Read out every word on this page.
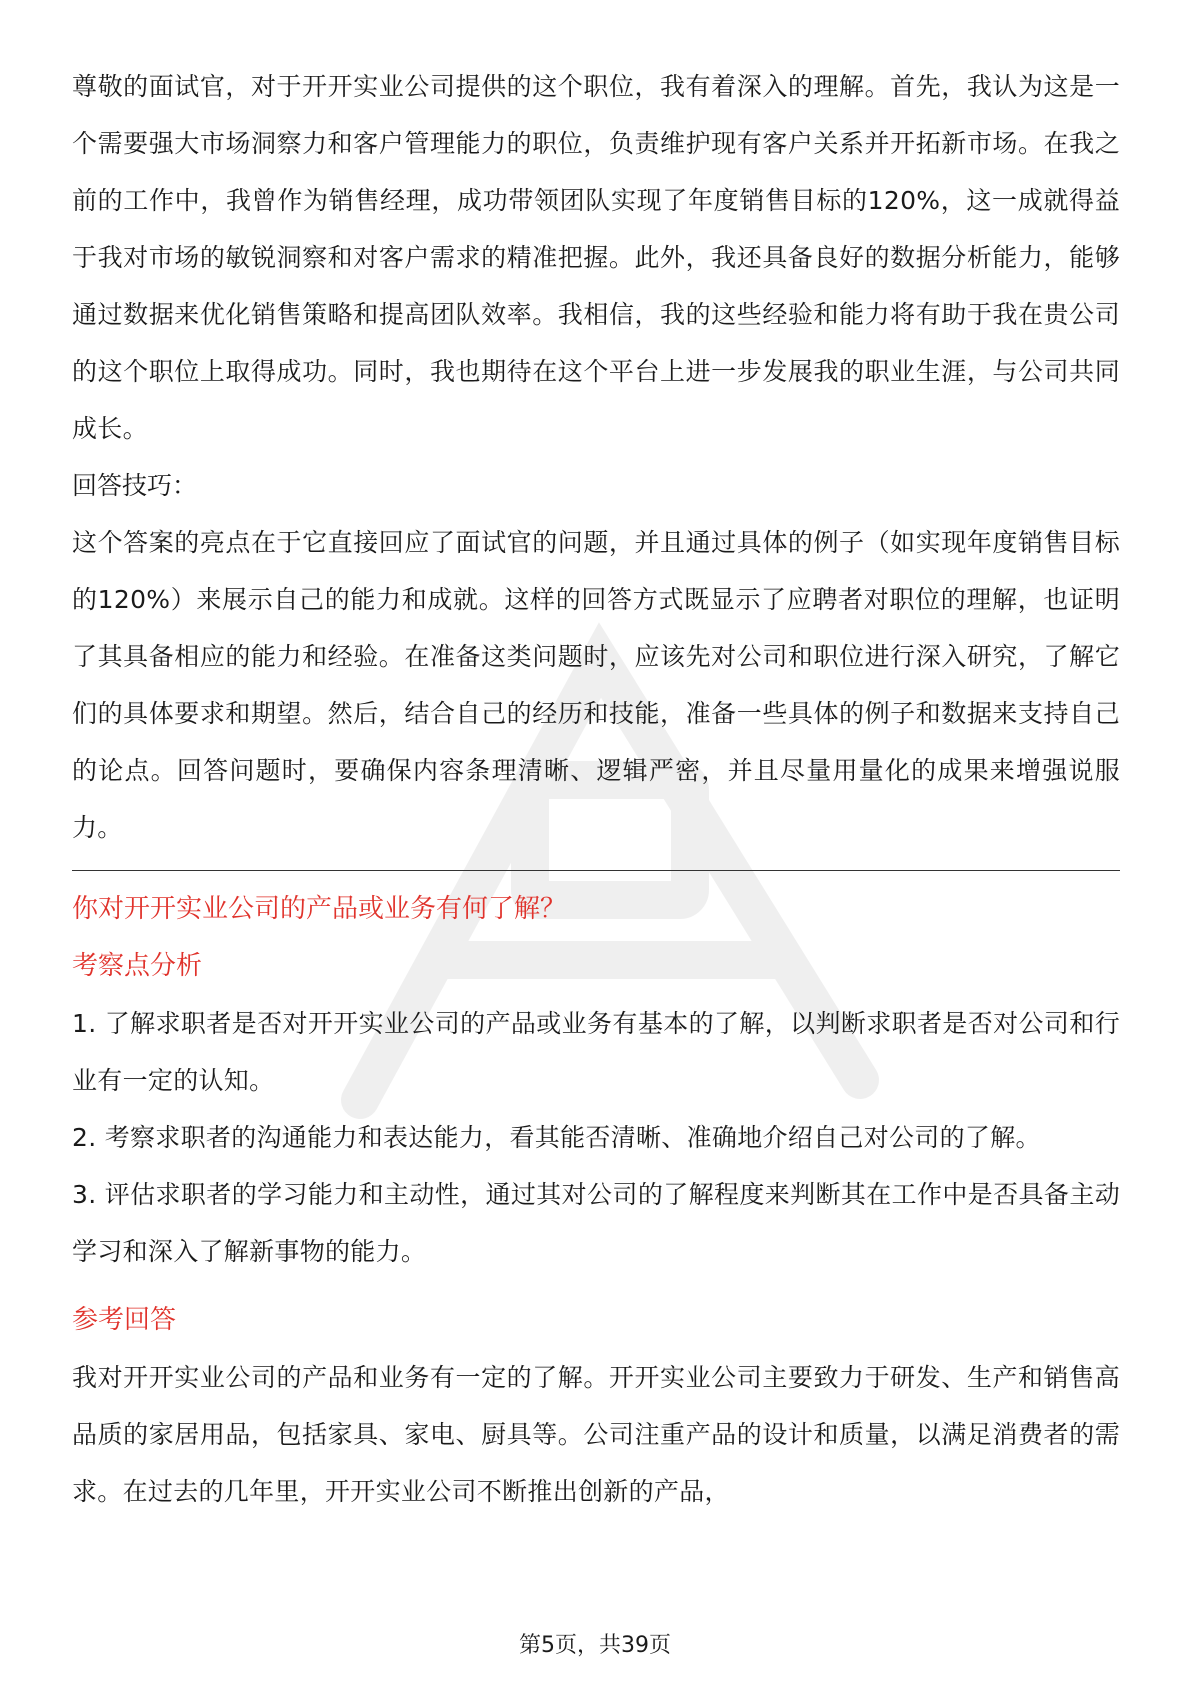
尊敬的面试官，对于开开实业公司提供的这个职位，我有着深入的理解。首先，我认为这是一个需要强大市场洞察力和客户管理能力的职位，负责维护现有客户关系并开拓新市场。在我之前的工作中，我曾作为销售经理，成功带领团队实现了年度销售目标的120%，这一成就得益于我对市场的敏锐洞察和对客户需求的精准把握。此外，我还具备良好的数据分析能力，能够通过数据来优化销售策略和提高团队效率。我相信，我的这些经验和能力将有助于我在贵公司的这个职位上取得成功。同时，我也期待在这个平台上进一步发展我的职业生涯，与公司共同成长。

回答技巧：

这个答案的亮点在于它直接回应了面试官的问题，并且通过具体的例子（如实现年度销售目标的120%）来展示自己的能力和成就。这样的回答方式既显示了应聘者对职位的理解，也证明了其具备相应的能力和经验。在准备这类问题时，应该先对公司和职位进行深入研究，了解它们的具体要求和期望。然后，结合自己的经历和技能，准备一些具体的例子和数据来支持自己的论点。回答问题时，要确保内容条理清晰、逻辑严密，并且尽量用量化的成果来增强说服力。

你对开开实业公司的产品或业务有何了解？

考察点分析

1. 了解求职者是否对开开实业公司的产品或业务有基本的了解，以判断求职者是否对公司和行业有一定的认知。

2. 考察求职者的沟通能力和表达能力，看其能否清晰、准确地介绍自己对公司的了解。

3. 评估求职者的学习能力和主动性，通过其对公司的了解程度来判断其在工作中是否具备主动学习和深入了解新事物的能力。

参考回答

我对开开实业公司的产品和业务有一定的了解。开开实业公司主要致力于研发、生产和销售高品质的家居用品，包括家具、家电、厨具等。公司注重产品的设计和质量，以满足消费者的需求。在过去的几年里，开开实业公司不断推出创新的产品，

第5页，共39页
